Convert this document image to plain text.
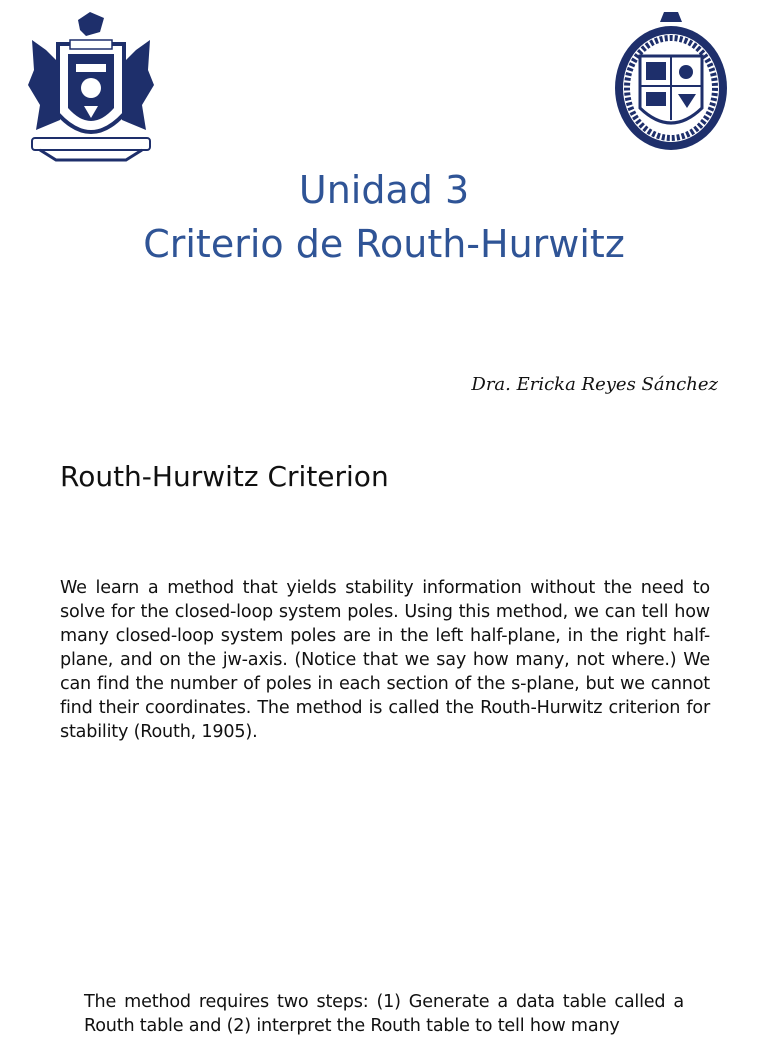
Unidad 3
Criterio de Routh-Hurwitz
Dra. Ericka Reyes Sánchez
Routh-Hurwitz Criterion
We learn a method that yields stability information without the need to solve for the closed-loop system poles. Using this method, we can tell how many closed-loop system poles are in the left half-plane, in the right half-plane, and on the jw-axis. (Notice that we say how many, not where.) We can find the number of poles in each section of the s-plane, but we cannot find their coordinates. The method is called the Routh-Hurwitz criterion for stability (Routh, 1905).
The method requires two steps: (1) Generate a data table called a Routh table and (2) interpret the Routh table to tell how many
